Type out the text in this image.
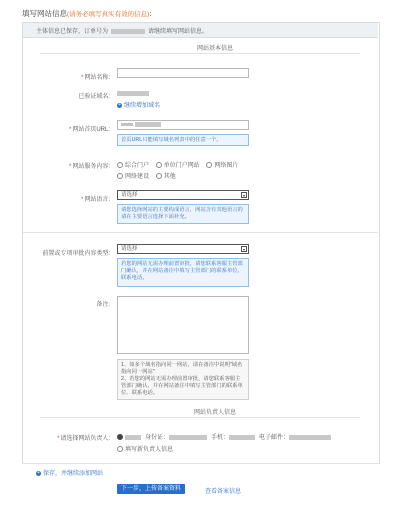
填写网站信息(请务必填写真实有效的信息):
主体信息已保存，订单号为	请继续填写网站信息。
网站基本信息
*网站名称:
已验证域名:
+ 继续增加域名
*网站首页URL:
www.
首页URL只能填写域名列表中的任意一个。
*网站服务内容:	综合门户 单位门户网站 网络图片
网络建设 其他
*网站语言:
请选择
请您选择网站的主要构成语言，网站含有其他语言的请在主要语言选择下面补充。
前置或专项审批内容类型:
请选择
若您的网站无需办理前置审批，请您联系客服主管部门确认，并在网站备注中填写主管部门的联系单位、联系电话。
备注:
1、如多个域名指向同一网站，请在备注中说明"域名指向同一网站"
2、若您的网站无需办理前置审批，请您联系客服主管部门确认，并在网站备注中填写主管部门的联系单位、联系电话。
网站负责人信息
*请选择网站负责人:	身份证：	手机：	电子邮件：
填写新负责人信息
+ 保存，并继续添加网站
下一步，上传备案资料	查看备案信息
